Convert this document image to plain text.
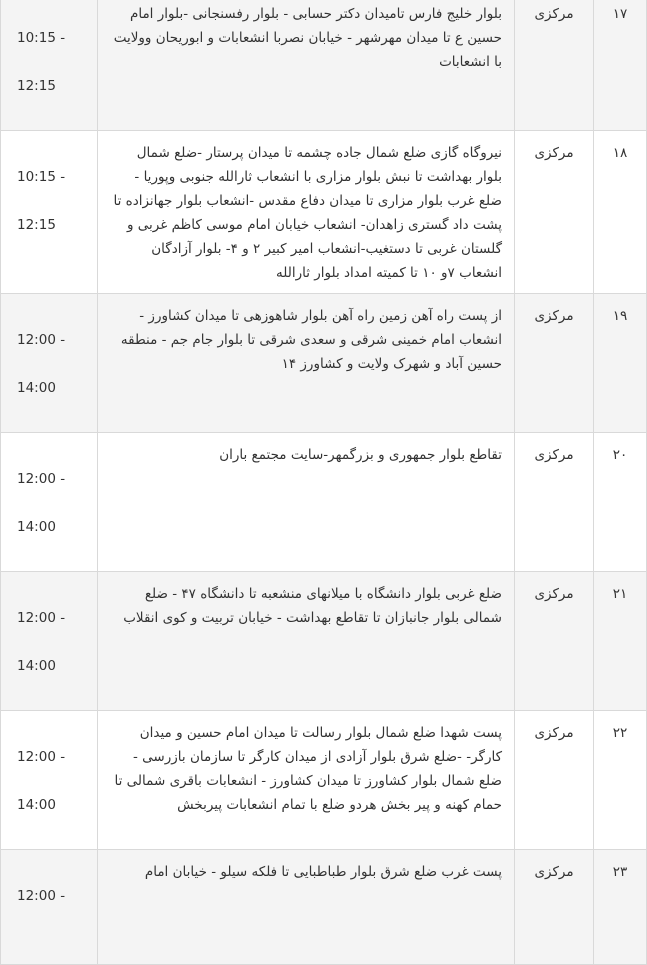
۱۷	مرکزی	بلوار خلیج فارس تامیدان دکتر حسابی - بلوار رفسنجانی -بلوار امام حسین ع تا میدان مهرشهر - خیابان نصربا انشعابات و ابوریحان وولایت با انشعابات	10:15 -

12:15

۱۸	مرکزی	نیروگاه گازی ضلع شمال جاده چشمه تا میدان پرستار -ضلع شمال بلوار بهداشت تا نبش بلوار مزاری با انشعاب ثارالله جنوبی وپوریا - ضلع غرب بلوار مزاری تا میدان دفاع مقدس -انشعاب بلوار جهانزاده تا پشت داد گستری زاهدان- انشعاب خیابان امام موسی کاظم غربی و گلستان غربی تا دستغیب-انشعاب امیر کبیر ۲ و ۴- بلوار آزادگان انشعاب ۷و ۱۰ تا کمیته امداد بلوار ثارالله	10:15 -

12:15

۱۹	مرکزی	از پست راه آهن زمین راه آهن بلوار شاهوزهی تا میدان کشاورز - انشعاب امام خمینی شرقی و سعدی شرقی تا بلوار جام جم - منطقه حسین آباد و شهرک ولایت و کشاورز ۱۴	12:00 -

14:00

۲۰	مرکزی	تقاطع بلوار جمهوری و بزرگمهر-سایت مجتمع باران	12:00 -

14:00

۲۱	مرکزی	ضلع غربی بلوار دانشگاه با میلانهای منشعبه تا دانشگاه ۴۷ - ضلع شمالی بلوار جانبازان تا تقاطع بهداشت - خیابان تربیت و کوی انقلاب	12:00 -

14:00

۲۲	مرکزی	پست شهدا ضلع شمال بلوار رسالت تا میدان امام حسین و میدان کارگر- -ضلع شرق بلوار آزادی از میدان کارگر تا سازمان بازرسی - ضلع شمال بلوار کشاورز تا میدان کشاورز - انشعابات باقری شمالی تا حمام کهنه و پیر بخش هردو ضلع با تمام انشعابات پیربخش	12:00 -

14:00

۲۳	مرکزی	پست غرب ضلع شرق بلوار طباطبایی تا فلکه سیلو - خیابان امام	12:00 -
